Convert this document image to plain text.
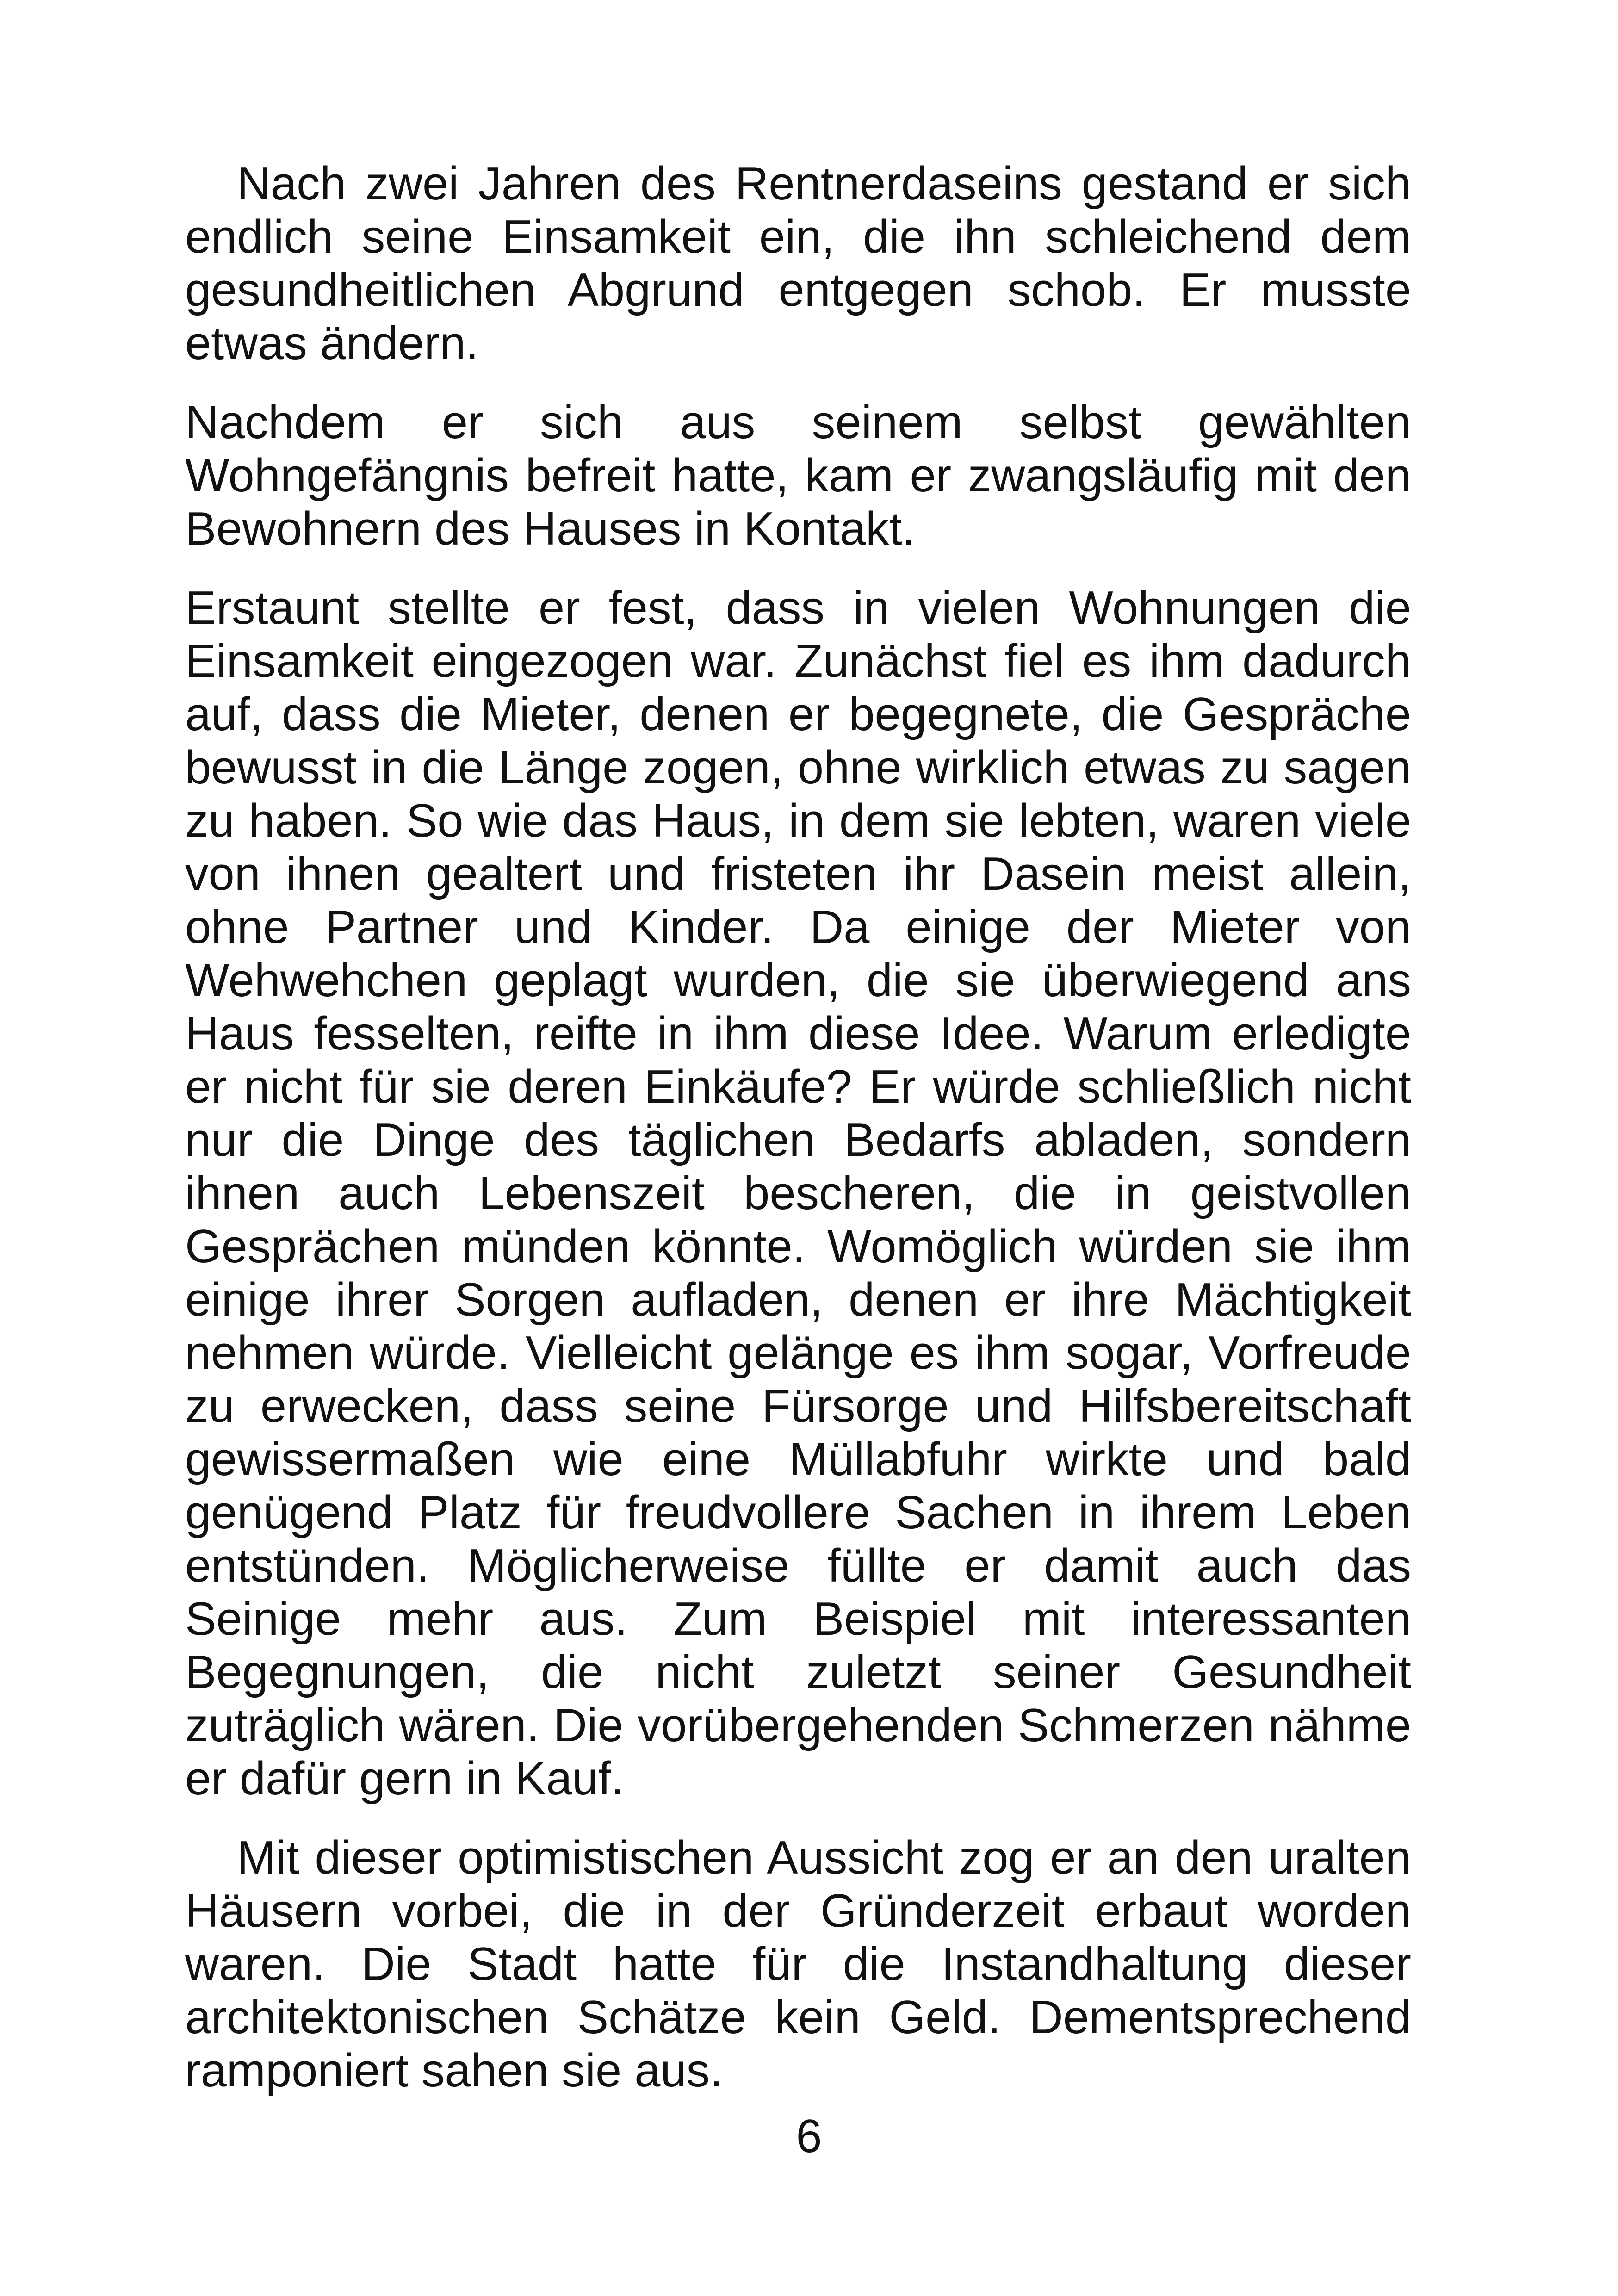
Nach zwei Jahren des Rentnerdaseins gestand er sich endlich seine Einsamkeit ein, die ihn schleichend dem gesundheitlichen Abgrund entgegen schob. Er musste etwas ändern.

Nachdem er sich aus seinem selbst gewählten Wohngefängnis befreit hatte, kam er zwangsläufig mit den Bewohnern des Hauses in Kontakt.

Erstaunt stellte er fest, dass in vielen Wohnungen die Einsamkeit eingezogen war. Zunächst fiel es ihm dadurch auf, dass die Mieter, denen er begegnete, die Gespräche bewusst in die Länge zogen, ohne wirklich etwas zu sagen zu haben. So wie das Haus, in dem sie lebten, waren viele von ihnen gealtert und fristeten ihr Dasein meist allein, ohne Partner und Kinder. Da einige der Mieter von Wehwehchen geplagt wurden, die sie überwiegend ans Haus fesselten, reifte in ihm diese Idee. Warum erledigte er nicht für sie deren Einkäufe? Er würde schließlich nicht nur die Dinge des täglichen Bedarfs abladen, sondern ihnen auch Lebenszeit bescheren, die in geistvollen Gesprächen münden könnte. Womöglich würden sie ihm einige ihrer Sorgen aufladen, denen er ihre Mächtigkeit nehmen würde. Vielleicht gelänge es ihm sogar, Vorfreude zu erwecken, dass seine Fürsorge und Hilfsbereitschaft gewissermaßen wie eine Müllabfuhr wirkte und bald genügend Platz für freudvollere Sachen in ihrem Leben entstünden. Möglicherweise füllte er damit auch das Seinige mehr aus. Zum Beispiel mit interessanten Begegnungen, die nicht zuletzt seiner Gesundheit zuträglich wären. Die vorübergehenden Schmerzen nähme er dafür gern in Kauf.

Mit dieser optimistischen Aussicht zog er an den uralten Häusern vorbei, die in der Gründerzeit erbaut worden waren. Die Stadt hatte für die Instandhaltung dieser architektonischen Schätze kein Geld. Dementsprechend ramponiert sahen sie aus.

6
